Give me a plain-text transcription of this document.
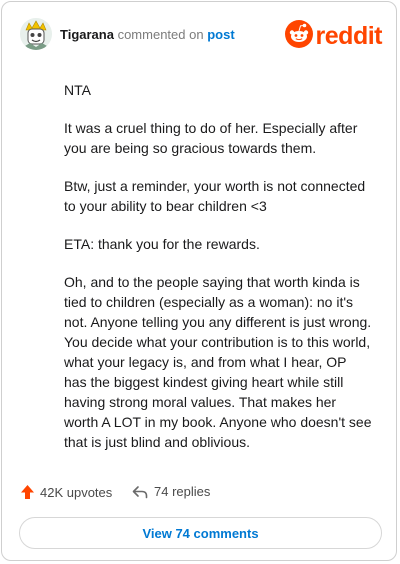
Tigarana commented on post	reddit

NTA

It was a cruel thing to do of her. Especially after you are being so gracious towards them.

Btw, just a reminder, your worth is not connected to your ability to bear children <3

ETA: thank you for the rewards.

Oh, and to the people saying that worth kinda is tied to children (especially as a woman): no it's not. Anyone telling you any different is just wrong. You decide what your contribution is to this world, what your legacy is, and from what I hear, OP has the biggest kindest giving heart while still having strong moral values. That makes her worth A LOT in my book. Anyone who doesn't see that is just blind and oblivious.

42K upvotes	74 replies
View 74 comments
